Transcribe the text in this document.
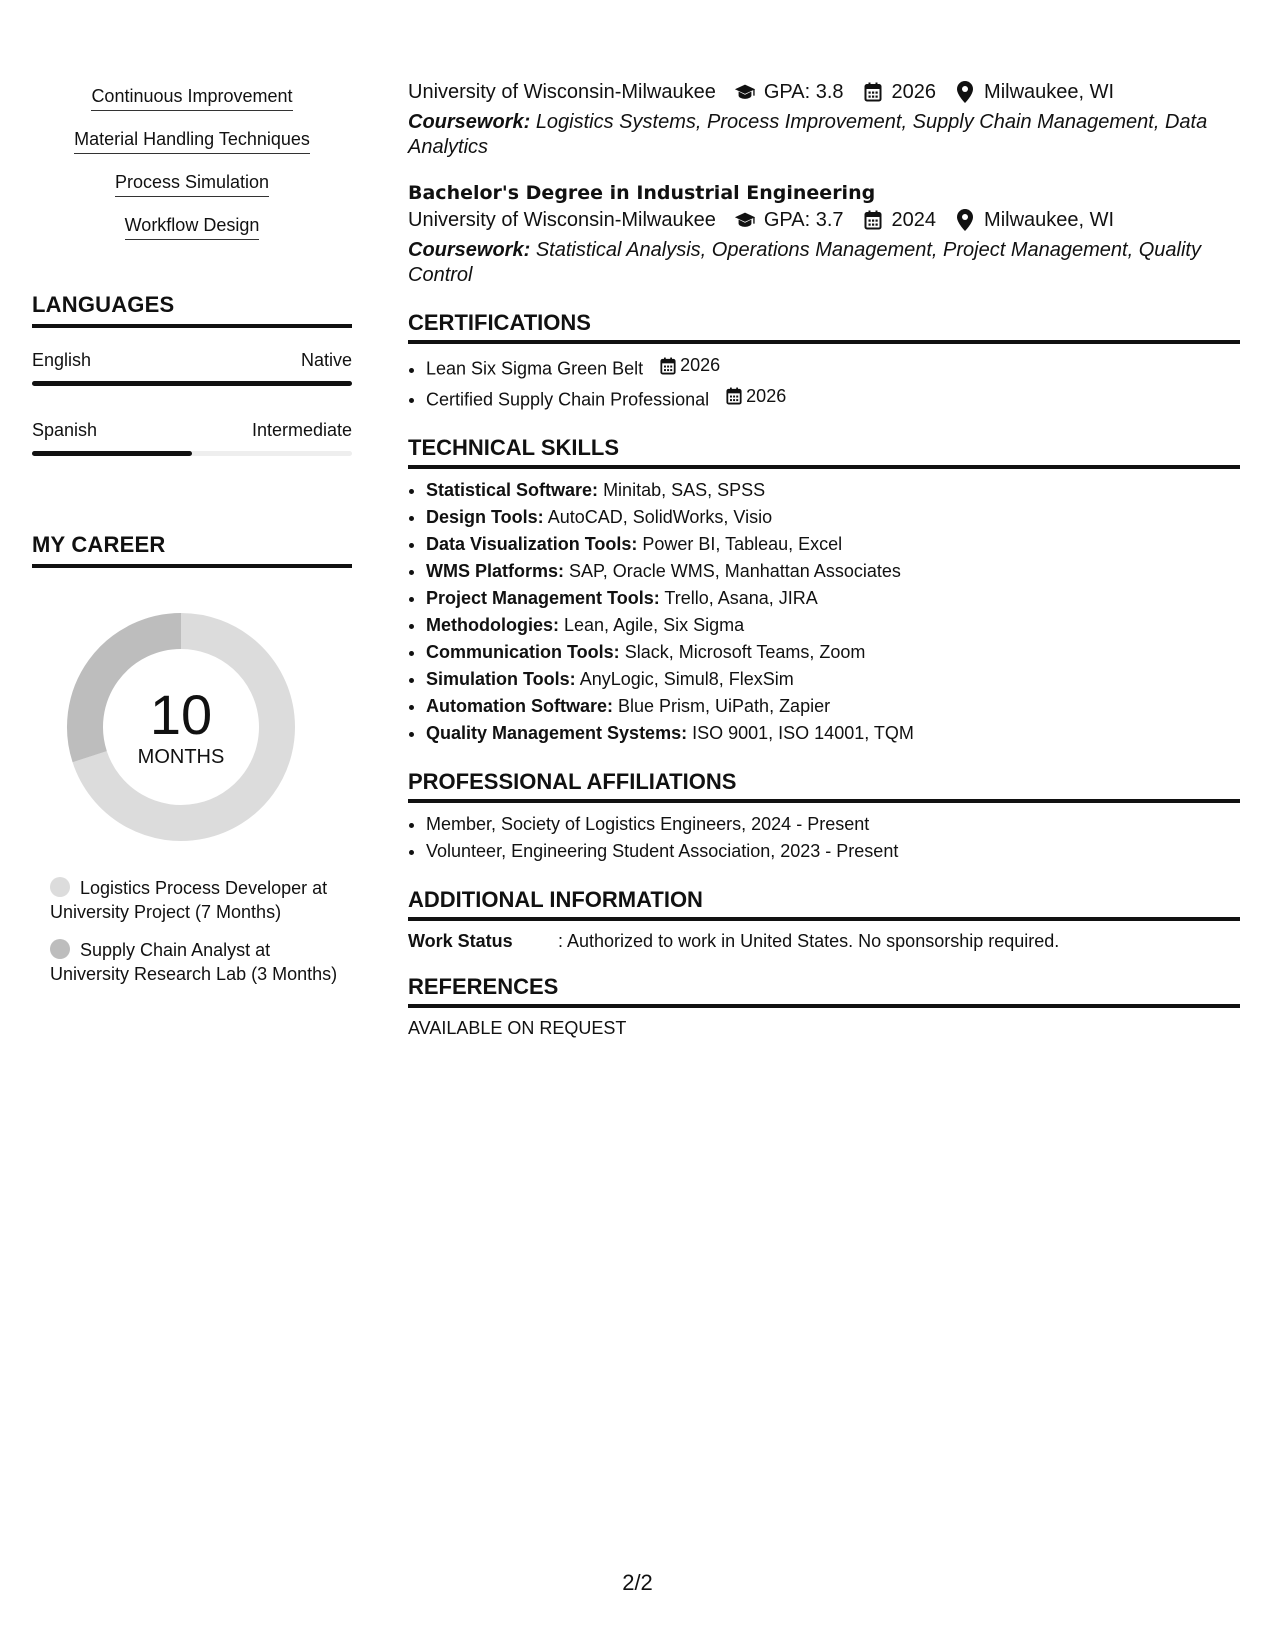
Continuous Improvement
Material Handling Techniques
Process Simulation
Workflow Design
LANGUAGES
English	Native
Spanish	Intermediate
MY CAREER
10
MONTHS
Logistics Process Developer at University Project (7 Months)
Supply Chain Analyst at University Research Lab (3 Months)
University of Wisconsin-Milwaukee GPA: 3.8 2026 Milwaukee, WI
Coursework: Logistics Systems, Process Improvement, Supply Chain Management, Data Analytics
Bachelor's Degree in Industrial Engineering
University of Wisconsin-Milwaukee GPA: 3.7 2024 Milwaukee, WI
Coursework: Statistical Analysis, Operations Management, Project Management, Quality Control
CERTIFICATIONS
• Lean Six Sigma Green Belt 2026
• Certified Supply Chain Professional 2026
TECHNICAL SKILLS
• Statistical Software: Minitab, SAS, SPSS
• Design Tools: AutoCAD, SolidWorks, Visio
• Data Visualization Tools: Power BI, Tableau, Excel
• WMS Platforms: SAP, Oracle WMS, Manhattan Associates
• Project Management Tools: Trello, Asana, JIRA
• Methodologies: Lean, Agile, Six Sigma
• Communication Tools: Slack, Microsoft Teams, Zoom
• Simulation Tools: AnyLogic, Simul8, FlexSim
• Automation Software: Blue Prism, UiPath, Zapier
• Quality Management Systems: ISO 9001, ISO 14001, TQM
PROFESSIONAL AFFILIATIONS
• Member, Society of Logistics Engineers, 2024 - Present
• Volunteer, Engineering Student Association, 2023 - Present
ADDITIONAL INFORMATION
Work Status	: Authorized to work in United States. No sponsorship required.
REFERENCES
AVAILABLE ON REQUEST
2/2
